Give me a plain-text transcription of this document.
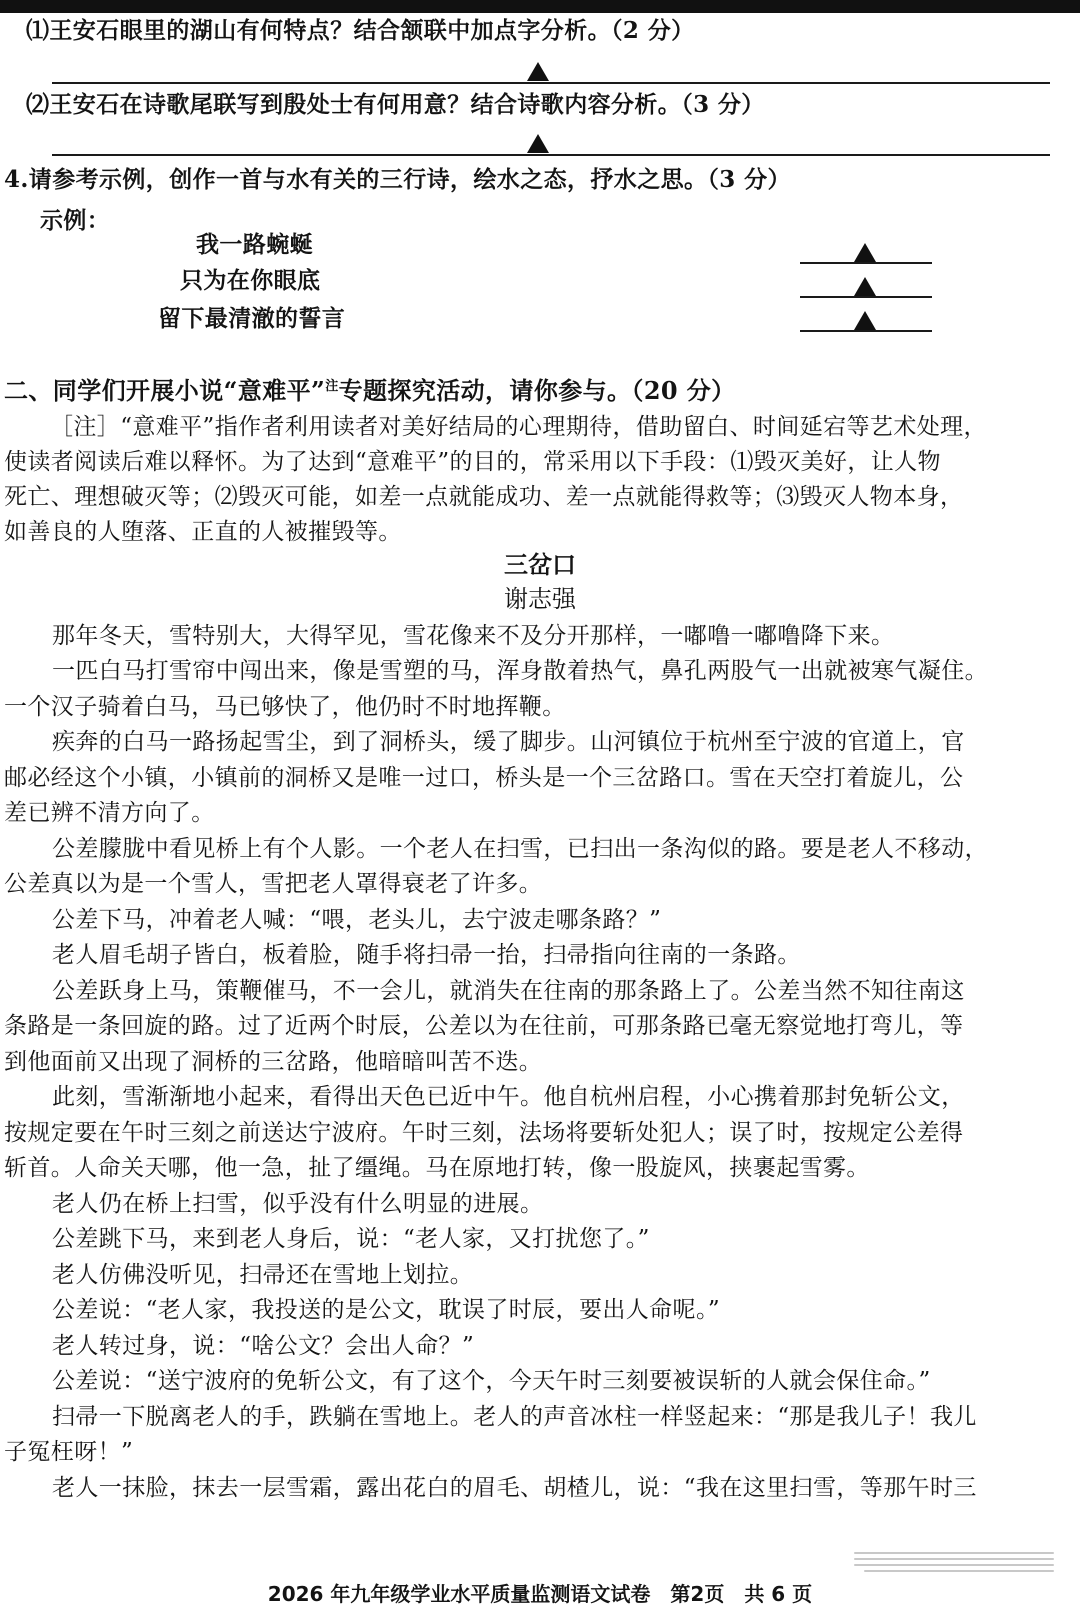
⑴王安石眼里的湖山有何特点？结合颔联中加点字分析。（2 分）
⑵王安石在诗歌尾联写到殷处士有何用意？结合诗歌内容分析。（3 分）
4.请参考示例，创作一首与水有关的三行诗，绘水之态，抒水之思。（3 分）
示例：
我一路蜿蜒
只为在你眼底
留下最清澈的誓言
二、同学们开展小说“意难平”$^注$专题探究活动，请你参与。（20 分）
［注］“意难平”指作者利用读者对美好结局的心理期待，借助留白、时间延宕等艺术处理，
使读者阅读后难以释怀。为了达到“意难平”的目的，常采用以下手段：⑴毁灭美好，让人物
死亡、理想破灭等；⑵毁灭可能，如差一点就能成功、差一点就能得救等；⑶毁灭人物本身，
如善良的人堕落、正直的人被摧毁等。
三岔口
谢志强
那年冬天，雪特别大，大得罕见，雪花像来不及分开那样，一嘟噜一嘟噜降下来。
一匹白马打雪帘中闯出来，像是雪塑的马，浑身散着热气，鼻孔两股气一出就被寒气凝住。
一个汉子骑着白马，马已够快了，他仍时不时地挥鞭。
疾奔的白马一路扬起雪尘，到了洞桥头，缓了脚步。山河镇位于杭州至宁波的官道上，官
邮必经这个小镇，小镇前的洞桥又是唯一过口，桥头是一个三岔路口。雪在天空打着旋儿，公
差已辨不清方向了。
公差朦胧中看见桥上有个人影。一个老人在扫雪，已扫出一条沟似的路。要是老人不移动，
公差真以为是一个雪人，雪把老人罩得衰老了许多。
公差下马，冲着老人喊：“喂，老头儿，去宁波走哪条路？”
老人眉毛胡子皆白，板着脸，随手将扫帚一抬，扫帚指向往南的一条路。
公差跃身上马，策鞭催马，不一会儿，就消失在往南的那条路上了。公差当然不知往南这
条路是一条回旋的路。过了近两个时辰，公差以为在往前，可那条路已毫无察觉地打弯儿，等
到他面前又出现了洞桥的三岔路，他暗暗叫苦不迭。
此刻，雪渐渐地小起来，看得出天色已近中午。他自杭州启程，小心携着那封免斩公文，
按规定要在午时三刻之前送达宁波府。午时三刻，法场将要斩处犯人；误了时，按规定公差得
斩首。人命关天哪，他一急，扯了缰绳。马在原地打转，像一股旋风，挟裹起雪雾。
老人仍在桥上扫雪，似乎没有什么明显的进展。
公差跳下马，来到老人身后，说：“老人家，又打扰您了。”
老人仿佛没听见，扫帚还在雪地上划拉。
公差说：“老人家，我投送的是公文，耽误了时辰，要出人命呢。”
老人转过身，说：“啥公文？会出人命？”
公差说：“送宁波府的免斩公文，有了这个，今天午时三刻要被误斩的人就会保住命。”
扫帚一下脱离老人的手，跌躺在雪地上。老人的声音冰柱一样竖起来：“那是我儿子！我儿
子冤枉呀！”
老人一抹脸，抹去一层雪霜，露出花白的眉毛、胡楂儿，说：“我在这里扫雪，等那午时三
2026 年九年级学业水平质量监测语文试卷　第2页　共 6 页
